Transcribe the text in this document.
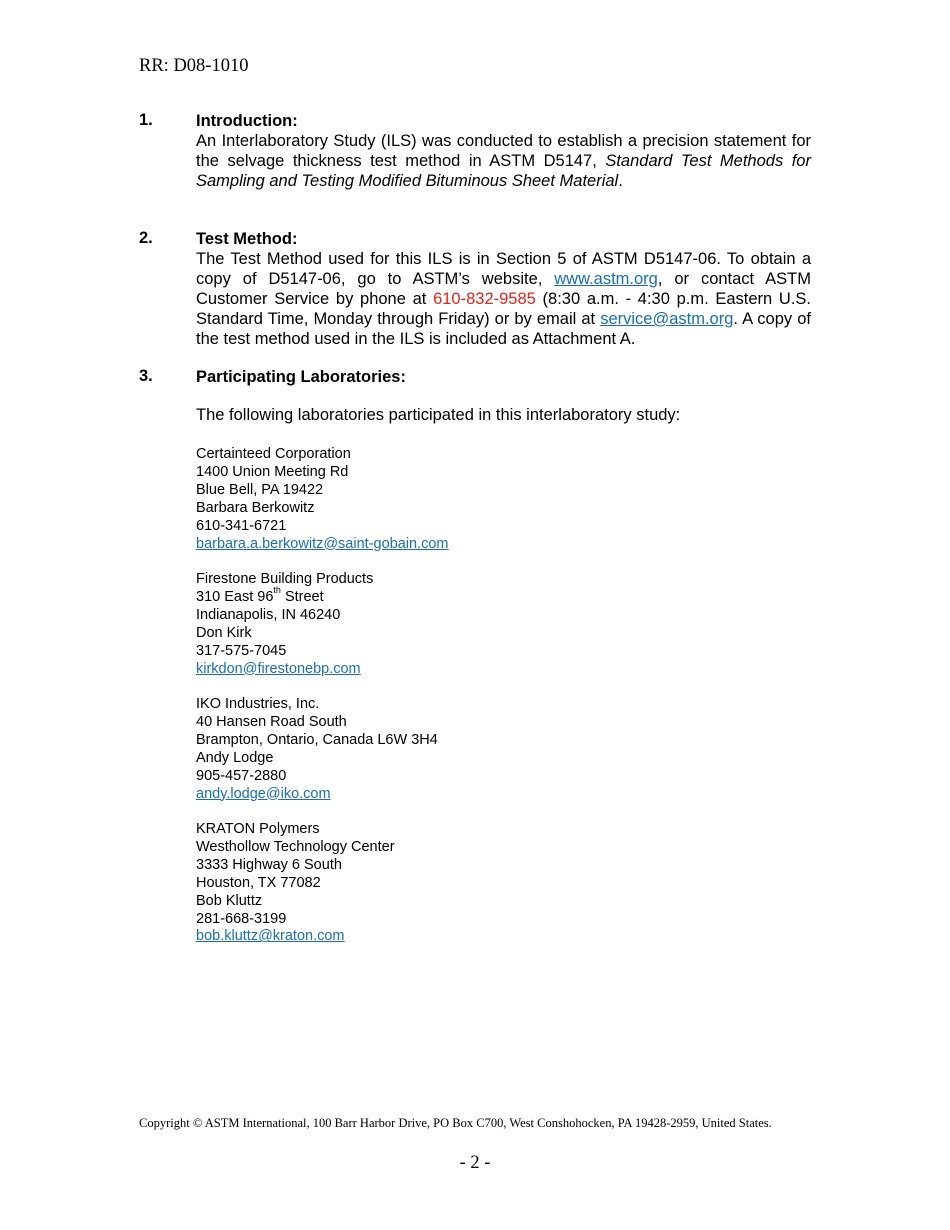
RR: D08-1010
1.	Introduction:
An Interlaboratory Study (ILS) was conducted to establish a precision statement for the selvage thickness test method in ASTM D5147, Standard Test Methods for Sampling and Testing Modified Bituminous Sheet Material.
2.	Test Method:
The Test Method used for this ILS is in Section 5 of ASTM D5147-06. To obtain a copy of D5147-06, go to ASTM’s website, www.astm.org, or contact ASTM Customer Service by phone at 610-832-9585 (8:30 a.m. - 4:30 p.m. Eastern U.S. Standard Time, Monday through Friday) or by email at service@astm.org. A copy of the test method used in the ILS is included as Attachment A.
3.	Participating Laboratories:
The following laboratories participated in this interlaboratory study:
Certainteed Corporation
1400 Union Meeting Rd
Blue Bell, PA 19422
Barbara Berkowitz
610-341-6721
barbara.a.berkowitz@saint-gobain.com
Firestone Building Products
310 East 96th Street
Indianapolis, IN 46240
Don Kirk
317-575-7045
kirkdon@firestonebp.com
IKO Industries, Inc.
40 Hansen Road South
Brampton, Ontario, Canada L6W 3H4
Andy Lodge
905-457-2880
andy.lodge@iko.com
KRATON Polymers
Westhollow Technology Center
3333 Highway 6 South
Houston, TX 77082
Bob Kluttz
281-668-3199
bob.kluttz@kraton.com
Copyright © ASTM International, 100 Barr Harbor Drive, PO Box C700, West Conshohocken, PA 19428-2959, United States.
- 2 -
